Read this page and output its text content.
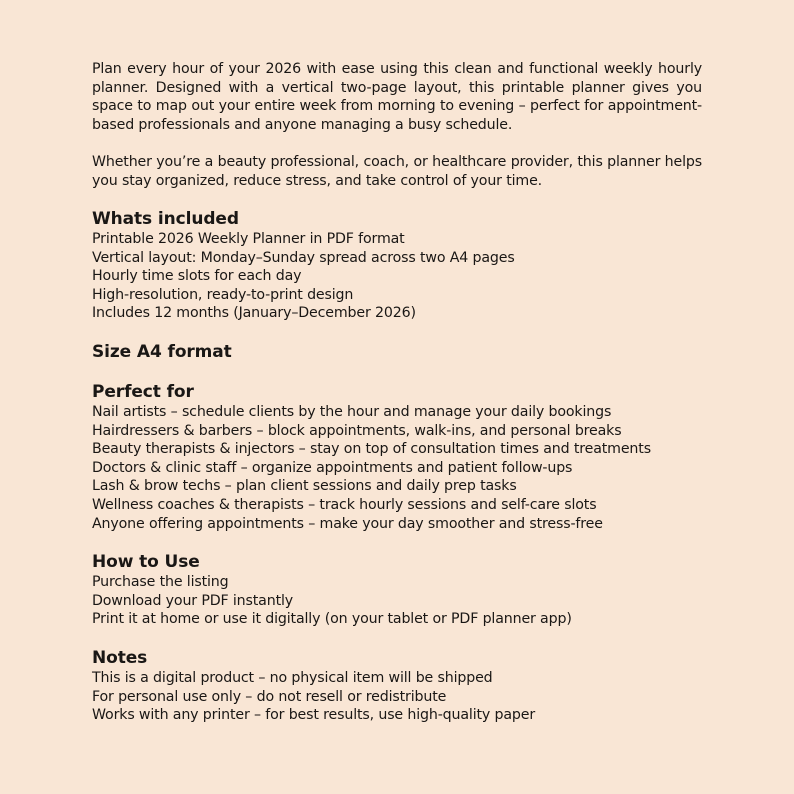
Plan every hour of your 2026 with ease using this clean and functional weekly hourly planner. Designed with a vertical two-page layout, this printable planner gives you space to map out your entire week from morning to evening – perfect for appointment-based professionals and anyone managing a busy schedule.

Whether you’re a beauty professional, coach, or healthcare provider, this planner helps you stay organized, reduce stress, and take control of your time.

Whats included
Printable 2026 Weekly Planner in PDF format
Vertical layout: Monday–Sunday spread across two A4 pages
Hourly time slots for each day
High-resolution, ready-to-print design
Includes 12 months (January–December 2026)
Size A4 format
Perfect for
Nail artists – schedule clients by the hour and manage your daily bookings
Hairdressers & barbers – block appointments, walk-ins, and personal breaks
Beauty therapists & injectors – stay on top of consultation times and treatments
Doctors & clinic staff – organize appointments and patient follow-ups
Lash & brow techs – plan client sessions and daily prep tasks
Wellness coaches & therapists – track hourly sessions and self-care slots
Anyone offering appointments – make your day smoother and stress-free
How to Use
Purchase the listing
Download your PDF instantly
Print it at home or use it digitally (on your tablet or PDF planner app)
Notes
This is a digital product – no physical item will be shipped
For personal use only – do not resell or redistribute
Works with any printer – for best results, use high-quality paper
